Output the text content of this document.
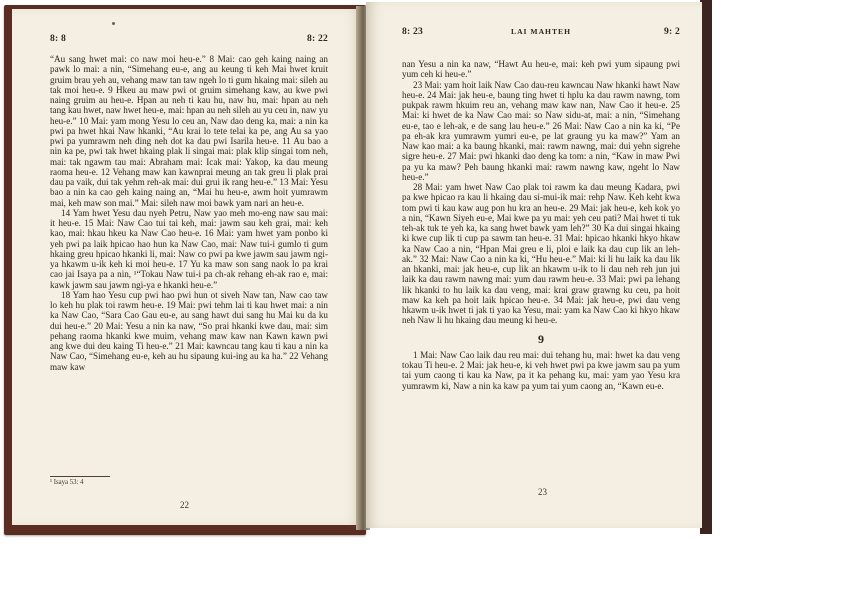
8: 8	8: 22

“Au sang hwet mai: co naw moi heu-e.” 8 Mai: cao geh kaing naing an pawk lo mai: a nin, “Simehang eu-e, ang au keung ti keh Mai hwet kruit gruim brau yeh au, vehang maw tan taw ngeh lo ti gum hkaing mai: sileh au tak moi heu-e. 9 Hkeu au maw pwi ot gruim simehang kaw, au kwe pwi naing gruim au heu-e. Hpan au neh ti kau hu, naw hu, mai: hpan au neh tang kau hwet, naw hwet heu-e, mai: hpan au neh sileh au yu ceu in, naw yu heu-e.” 10 Mai: yam mong Yesu lo ceu an, Naw dao deng ka, mai: a nin ka pwi pa hwet hkai Naw hkanki, “Au krai lo tete telai ka pe, ang Au sa yao pwi pa yumrawm neh ding neh dot ka dau pwi Isarila heu-e. 11 Au bao a nin ka pe, pwi tak hwet hkaing plak li singai mai: plak klip singai tom neh, mai: tak ngawm tau mai: Abraham mai: Icak mai: Yakop, ka dau meung raoma heu-e. 12 Vehang maw kan kawnprai meung an tak greu li plak prai dau pa vaik, dui tak yehm reh-ak mai: dui grui ik rang heu-e.” 13 Mai: Yesu bao a nin ka cao geh kaing naing an, “Mai hu heu-e, awm hoit yumrawm mai, keh maw son mai.” Mai: sileh naw moi bawk yam nari an heu-e.

14 Yam hwet Yesu dau nyeh Petru, Naw yao meh mo-eng naw sau mai: it heu-e. 15 Mai: Naw Cao tui tai keh, mai: jawm sau keh grai, mai: keh kao, mai: hkau hkeu ka Naw Cao heu-e. 16 Mai: yam hwet yam ponbo ki yeh pwi pa laik hpicao hao hun ka Naw Cao, mai: Naw tui-i gumlo ti gum hkaing greu hpicao hkanki li, mai: Naw co pwi pa kwe jawm sau jawm ngi-ya hkawm u-ik keh ki moi heu-e. 17 Yu ka maw son sang naok lo pa krai cao jai Isaya pa a nin, ¹“Tokau Naw tui-i pa ch-ak rehang eh-ak rao e, mai: kawk jawm sau jawm ngi-ya e hkanki heu-e.”

18 Yam hao Yesu cup pwi hao pwi hun ot siveh Naw tan, Naw cao taw lo keh hu plak toi rawm heu-e. 19 Mai: pwi tehm lai ti kau hwet mai: a nin ka Naw Cao, “Sara Cao Gau eu-e, au sang hawt dui sang hu Mai ku da ku dui heu-e.” 20 Mai: Yesu a nin ka naw, “So prai hkanki kwe dau, mai: sim pehang raoma hkanki kwe muim, vehang maw kaw nan Kawn kawn pwi ang kwe dui deu kaing Ti heu-e.” 21 Mai: kawncau tang kau ti kau a nin ka Naw Cao, “Simehang eu-e, keh au hu sipaung kui-ing au ka ha.” 22 Vehang maw kaw

¹ Isaya 53: 4
22
8: 23	LAI MAHTEH	9: 2

nan Yesu a nin ka naw, “Hawt Au heu-e, mai: keh pwi yum sipaung pwi yum ceh ki heu-e.”

23 Mai: yam hoit laik Naw Cao dau-reu kawncau Naw hkanki hawt Naw heu-e. 24 Mai: jak heu-e, baung ting hwet ti hplu ka dau rawm nawng, tom pukpak rawm hkuim reu an, vehang maw kaw nan, Naw Cao it heu-e. 25 Mai: ki hwet de ka Naw Cao mai: so Naw sidu-at, mai: a nin, “Simehang eu-e, tao e leh-ak, e de sang lau heu-e.” 26 Mai: Naw Cao a nin ka ki, “Pe pa eh-ak kra yumrawm yumri eu-e, pe lat graung yu ka maw?” Yam an Naw kao mai: a ka baung hkanki, mai: rawm nawng, mai: dui yehn sigrehe sigre heu-e. 27 Mai: pwi hkanki dao deng ka tom: a nin, “Kaw in maw Pwi pa yu ka maw? Peh baung hkanki mai: rawm nawng kaw, ngeht lo Naw heu-e.”

28 Mai: yam hwet Naw Cao plak toi rawm ka dau meung Kadara, pwi pa kwe hpicao ra kau li hkaing dau si-mui-ik mai: rehp Naw. Keh keht kwa tom pwi ti kau kaw aug pon hu kra an heu-e. 29 Mai: jak heu-e, keh kok yo a nin, “Kawn Siyeh eu-e, Mai kwe pa yu mai: yeh ceu pati? Mai hwet ti tuk teh-ak tuk te yeh ka, ka sang hwet bawk yam leh?” 30 Ka dui singai hkaing ki kwe cup lik ti cup pa sawm tan heu-e. 31 Mai: hpicao hkanki hkyo hkaw ka Naw Cao a nin, “Hpan Mai greu e li, ploi e laik ka dau cup lik an leh-ak.” 32 Mai: Naw Cao a nin ka ki, “Hu heu-e.” Mai: ki li hu laik ka dau lik an hkanki, mai: jak heu-e, cup lik an hkawm u-ik to li dau neh reh jun jui laik ka dau rawm nawng mai: yum dau rawm heu-e. 33 Mai: pwi pa lehang lik hkanki to hu laik ka dau veng, mai: krai graw grawng ku ceu, pa hoit maw ka keh pa hoit laik hpicao heu-e. 34 Mai: jak heu-e, pwi dau veng hkawm u-ik hwet ti jak ti yao ka Yesu, mai: yam ka Naw Cao ki hkyo hkaw neh Naw li hu hkaing dau meung ki heu-e.

9

1 Mai: Naw Cao laik dau reu mai: dui tehang hu, mai: hwet ka dau veng tokau Ti heu-e. 2 Mai: jak heu-e, ki veh hwet pwi pa kwe jawm sau pa yum tai yum caong ti kau ka Naw, pa it ka pehang ku, mai: yam yao Yesu kra yumrawm ki, Naw a nin ka kaw pa yum tai yum caong an, “Kawn eu-e.

23
